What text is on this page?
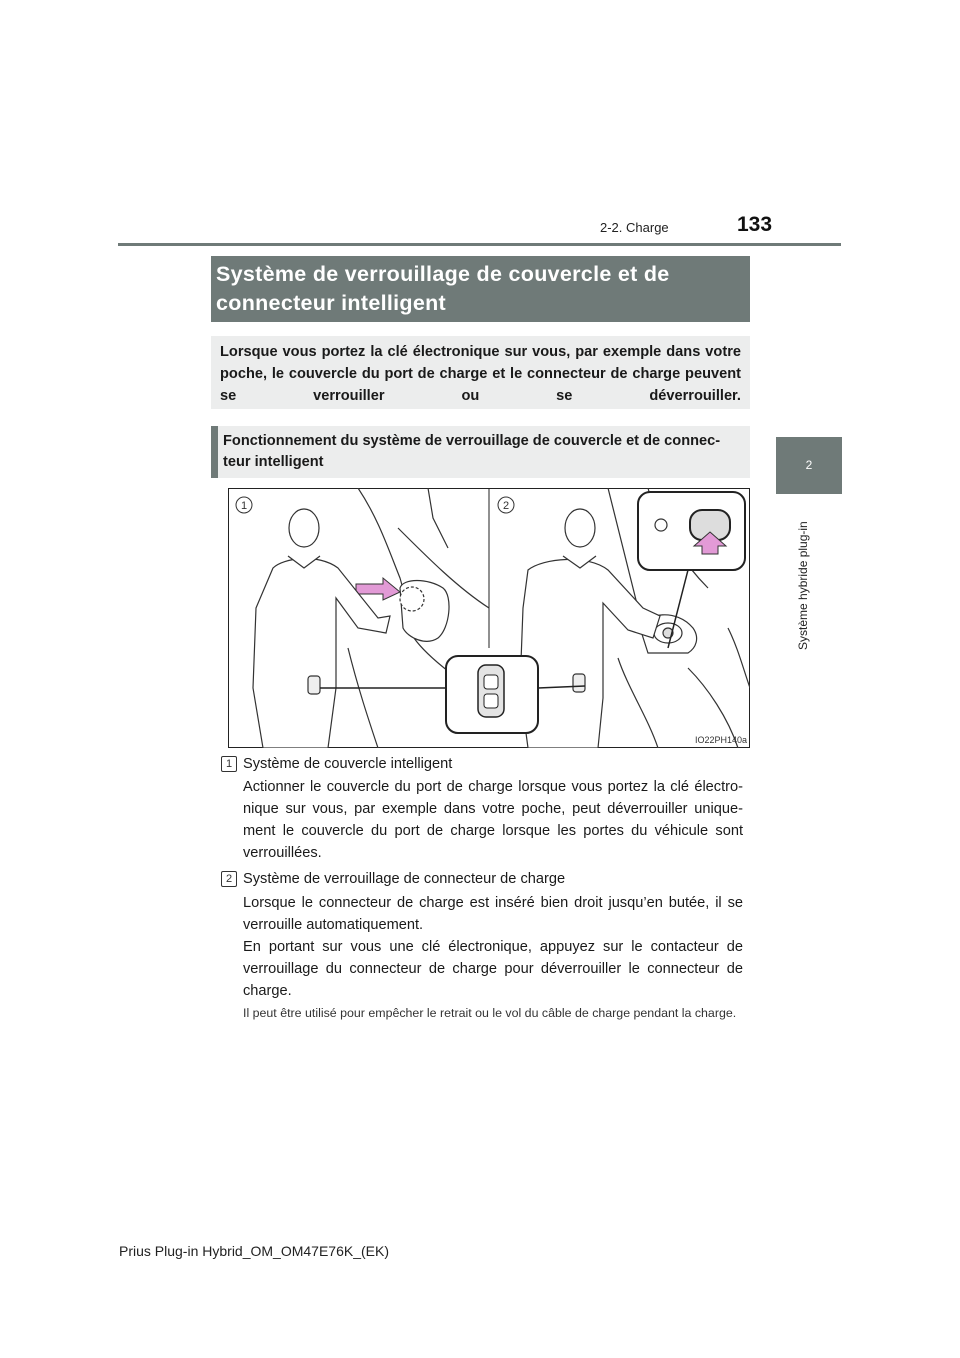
2-2. Charge	133
2
Système hybride plug-in
Système de verrouillage de couvercle et de connecteur intelligent
Lorsque vous portez la clé électronique sur vous, par exemple dans votre poche, le couvercle du port de charge et le connecteur de charge peuvent se verrouiller ou se déverrouiller.
Fonctionnement du système de verrouillage de couvercle et de connec-teur intelligent
1	2
IO22PH140a
1 Système de couvercle intelligent
Actionner le couvercle du port de charge lorsque vous portez la clé électro-nique sur vous, par exemple dans votre poche, peut déverrouiller unique-ment le couvercle du port de charge lorsque les portes du véhicule sont verrouillées.
2 Système de verrouillage de connecteur de charge
Lorsque le connecteur de charge est inséré bien droit jusqu’en butée, il se verrouille automatiquement.
En portant sur vous une clé électronique, appuyez sur le contacteur de verrouillage du connecteur de charge pour déverrouiller le connecteur de charge.
Il peut être utilisé pour empêcher le retrait ou le vol du câble de charge pendant la charge.
Prius Plug-in Hybrid_OM_OM47E76K_(EK)
